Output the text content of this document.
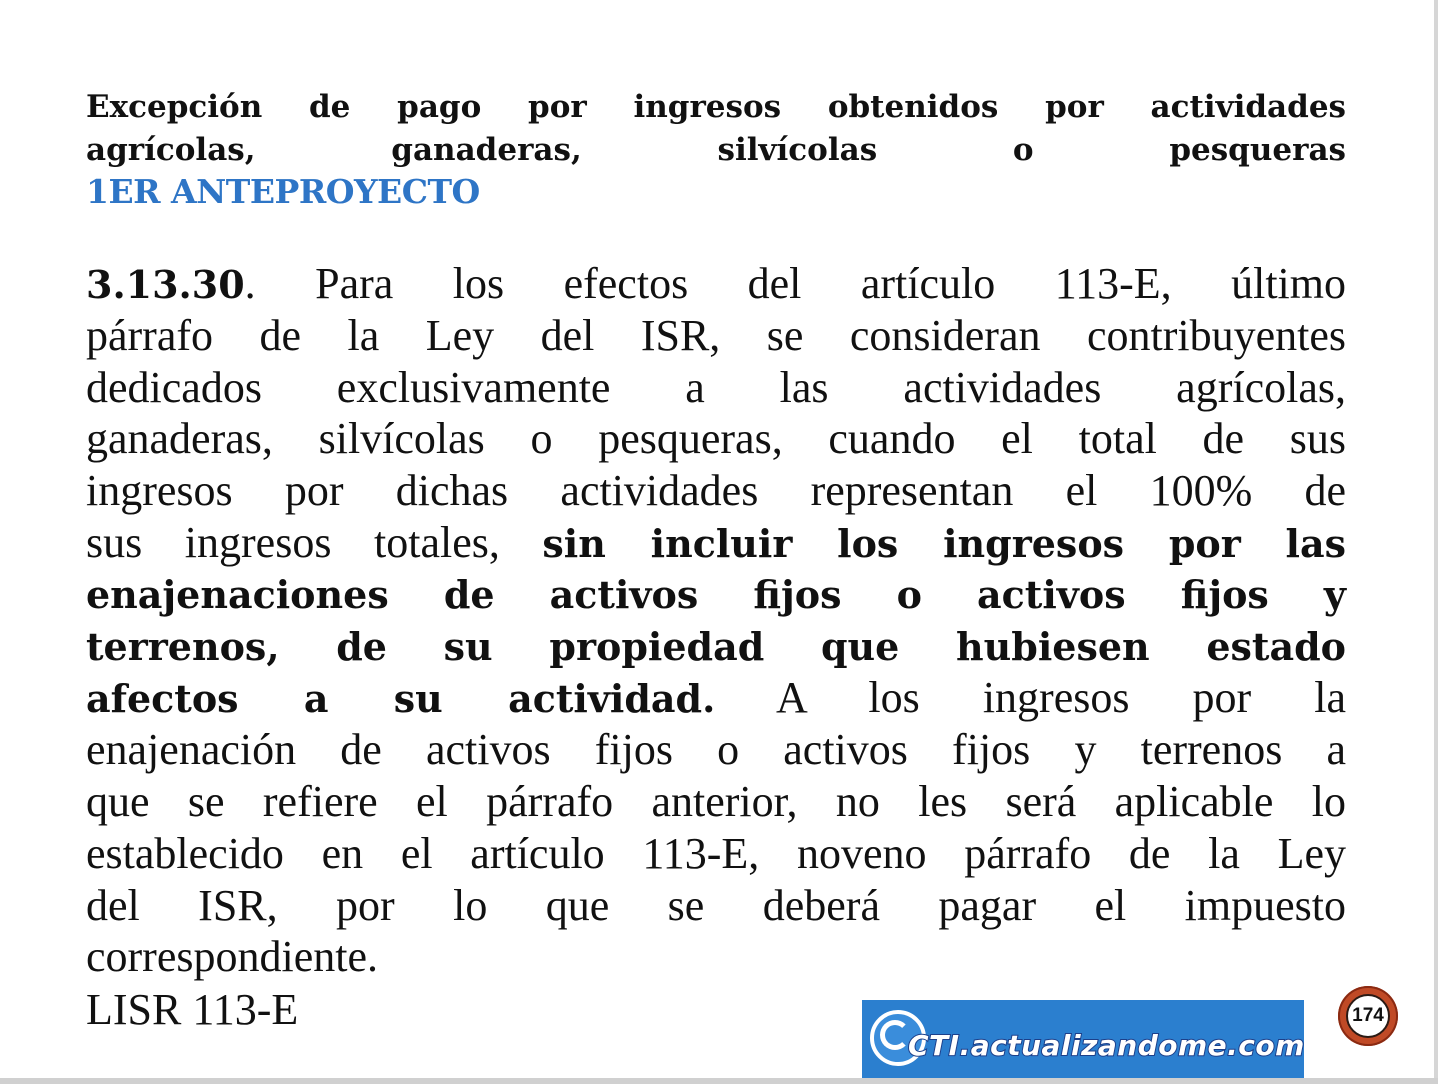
Excepción de pago por ingresos obtenidos por actividades
agrícolas, ganaderas, silvícolas o pesqueras
1ER ANTEPROYECTO
3.13.30. Para los efectos del artículo 113-E, último
párrafo de la Ley del ISR, se consideran contribuyentes
dedicados exclusivamente a las actividades agrícolas,
ganaderas, silvícolas o pesqueras, cuando el total de sus
ingresos por dichas actividades representan el 100% de
sus ingresos totales, sin incluir los ingresos por las
enajenaciones de activos fijos o activos fijos y
terrenos, de su propiedad que hubiesen estado
afectos a su actividad. A los ingresos por la
enajenación de activos fijos o activos fijos y terrenos a
que se refiere el párrafo anterior, no les será aplicable lo
establecido en el artículo 113-E, noveno párrafo de la Ley
del ISR, por lo que se deberá pagar el impuesto
correspondiente.
LISR 113-E
CTI.actualizandome.com
174
